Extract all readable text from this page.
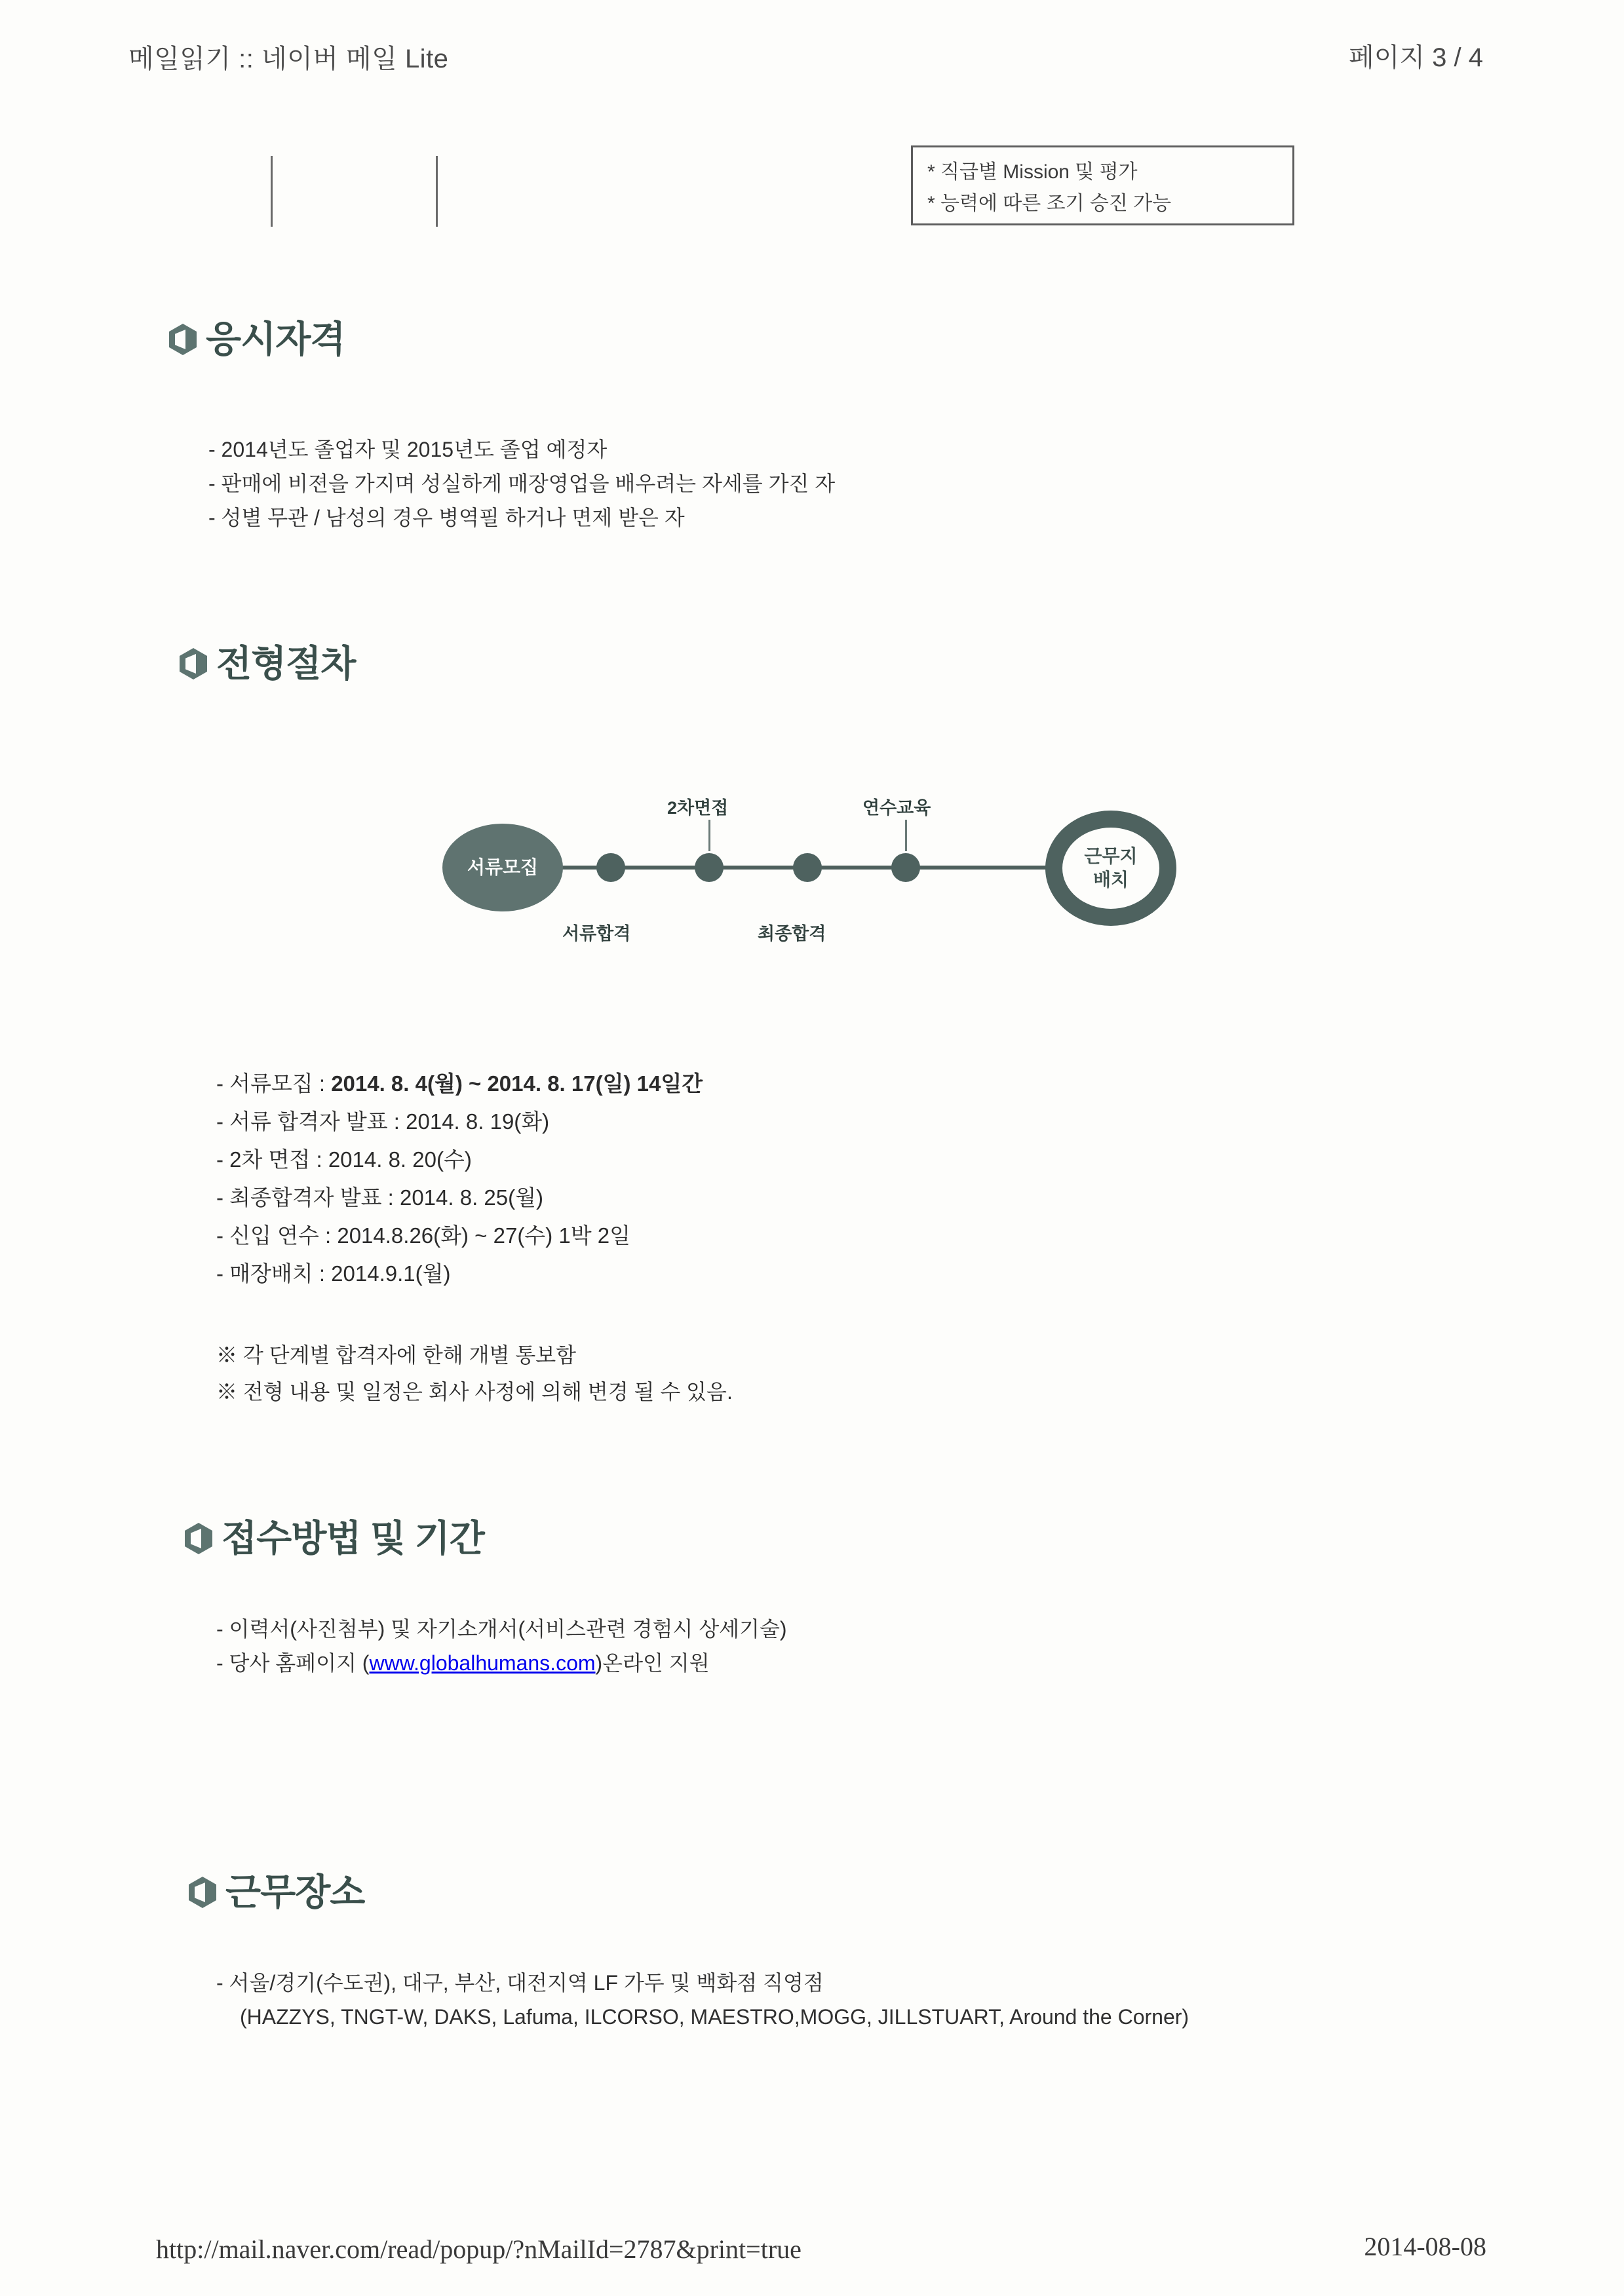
메일읽기 :: 네이버 메일 Lite	페이지 3 / 4
* 직급별 Mission 및 평가
* 능력에 따른 조기 승진 가능
응시자격
- 2014년도 졸업자 및 2015년도 졸업 예정자
- 판매에 비젼을 가지며 성실하게 매장영업을 배우려는 자세를 가진 자
- 성별 무관 / 남성의 경우 병역필 하거나 면제 받은 자
전형절차
서류모집
2차면접	연수교육
서류합격	최종합격
근무지
배치
- 서류모집 : 2014. 8. 4(월) ~ 2014. 8. 17(일) 14일간
- 서류 합격자 발표 : 2014. 8. 19(화)
- 2차 면접 : 2014. 8. 20(수)
- 최종합격자 발표 : 2014. 8. 25(월)
- 신입 연수 : 2014.8.26(화) ~ 27(수) 1박 2일
- 매장배치 : 2014.9.1(월)
※ 각 단계별 합격자에 한해 개별 통보함
※ 전형 내용 및 일정은 회사 사정에 의해 변경 될 수 있음.
접수방법 및 기간
- 이력서(사진첨부) 및 자기소개서(서비스관련 경험시 상세기술)
- 당사 홈페이지 (www.globalhumans.com)온라인 지원
근무장소
- 서울/경기(수도권), 대구, 부산, 대전지역 LF 가두 및 백화점 직영점
(HAZZYS, TNGT-W, DAKS, Lafuma, ILCORSO, MAESTRO,MOGG, JILLSTUART, Around the Corner)
http://mail.naver.com/read/popup/?nMailId=2787&print=true	2014-08-08
